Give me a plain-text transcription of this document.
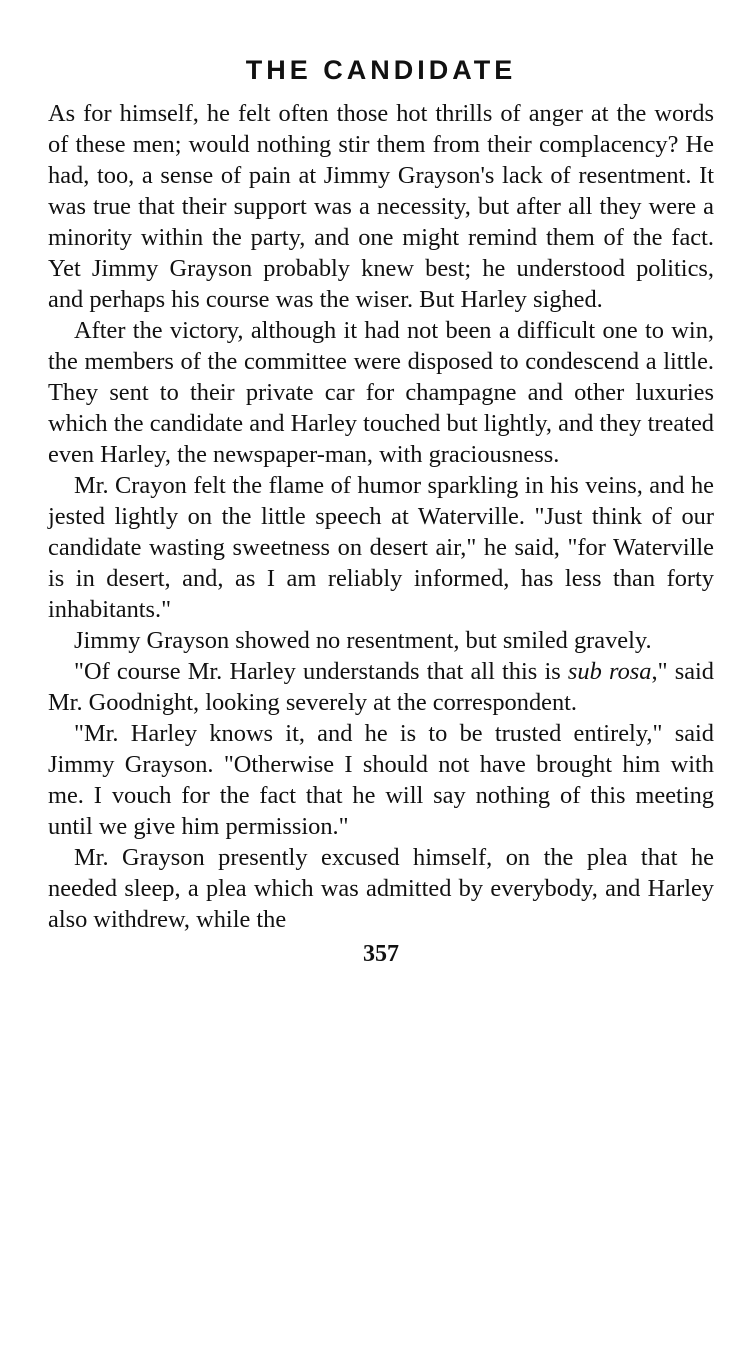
THE CANDIDATE

As for himself, he felt often those hot thrills of anger at the words of these men; would nothing stir them from their complacency? He had, too, a sense of pain at Jimmy Grayson's lack of resentment. It was true that their support was a necessity, but after all they were a minority within the party, and one might remind them of the fact. Yet Jimmy Grayson probably knew best; he understood politics, and perhaps his course was the wiser. But Harley sighed.

After the victory, although it had not been a difficult one to win, the members of the committee were disposed to condescend a little. They sent to their private car for champagne and other luxuries which the candidate and Harley touched but lightly, and they treated even Harley, the newspaper-man, with graciousness.

Mr. Crayon felt the flame of humor sparkling in his veins, and he jested lightly on the little speech at Waterville. "Just think of our candidate wasting sweetness on desert air," he said, "for Waterville is in desert, and, as I am reliably informed, has less than forty inhabitants."

Jimmy Grayson showed no resentment, but smiled gravely.

"Of course Mr. Harley understands that all this is sub rosa," said Mr. Goodnight, looking severely at the correspondent.

"Mr. Harley knows it, and he is to be trusted entirely," said Jimmy Grayson. "Otherwise I should not have brought him with me. I vouch for the fact that he will say nothing of this meeting until we give him permission."

Mr. Grayson presently excused himself, on the plea that he needed sleep, a plea which was admitted by everybody, and Harley also withdrew, while the

357
